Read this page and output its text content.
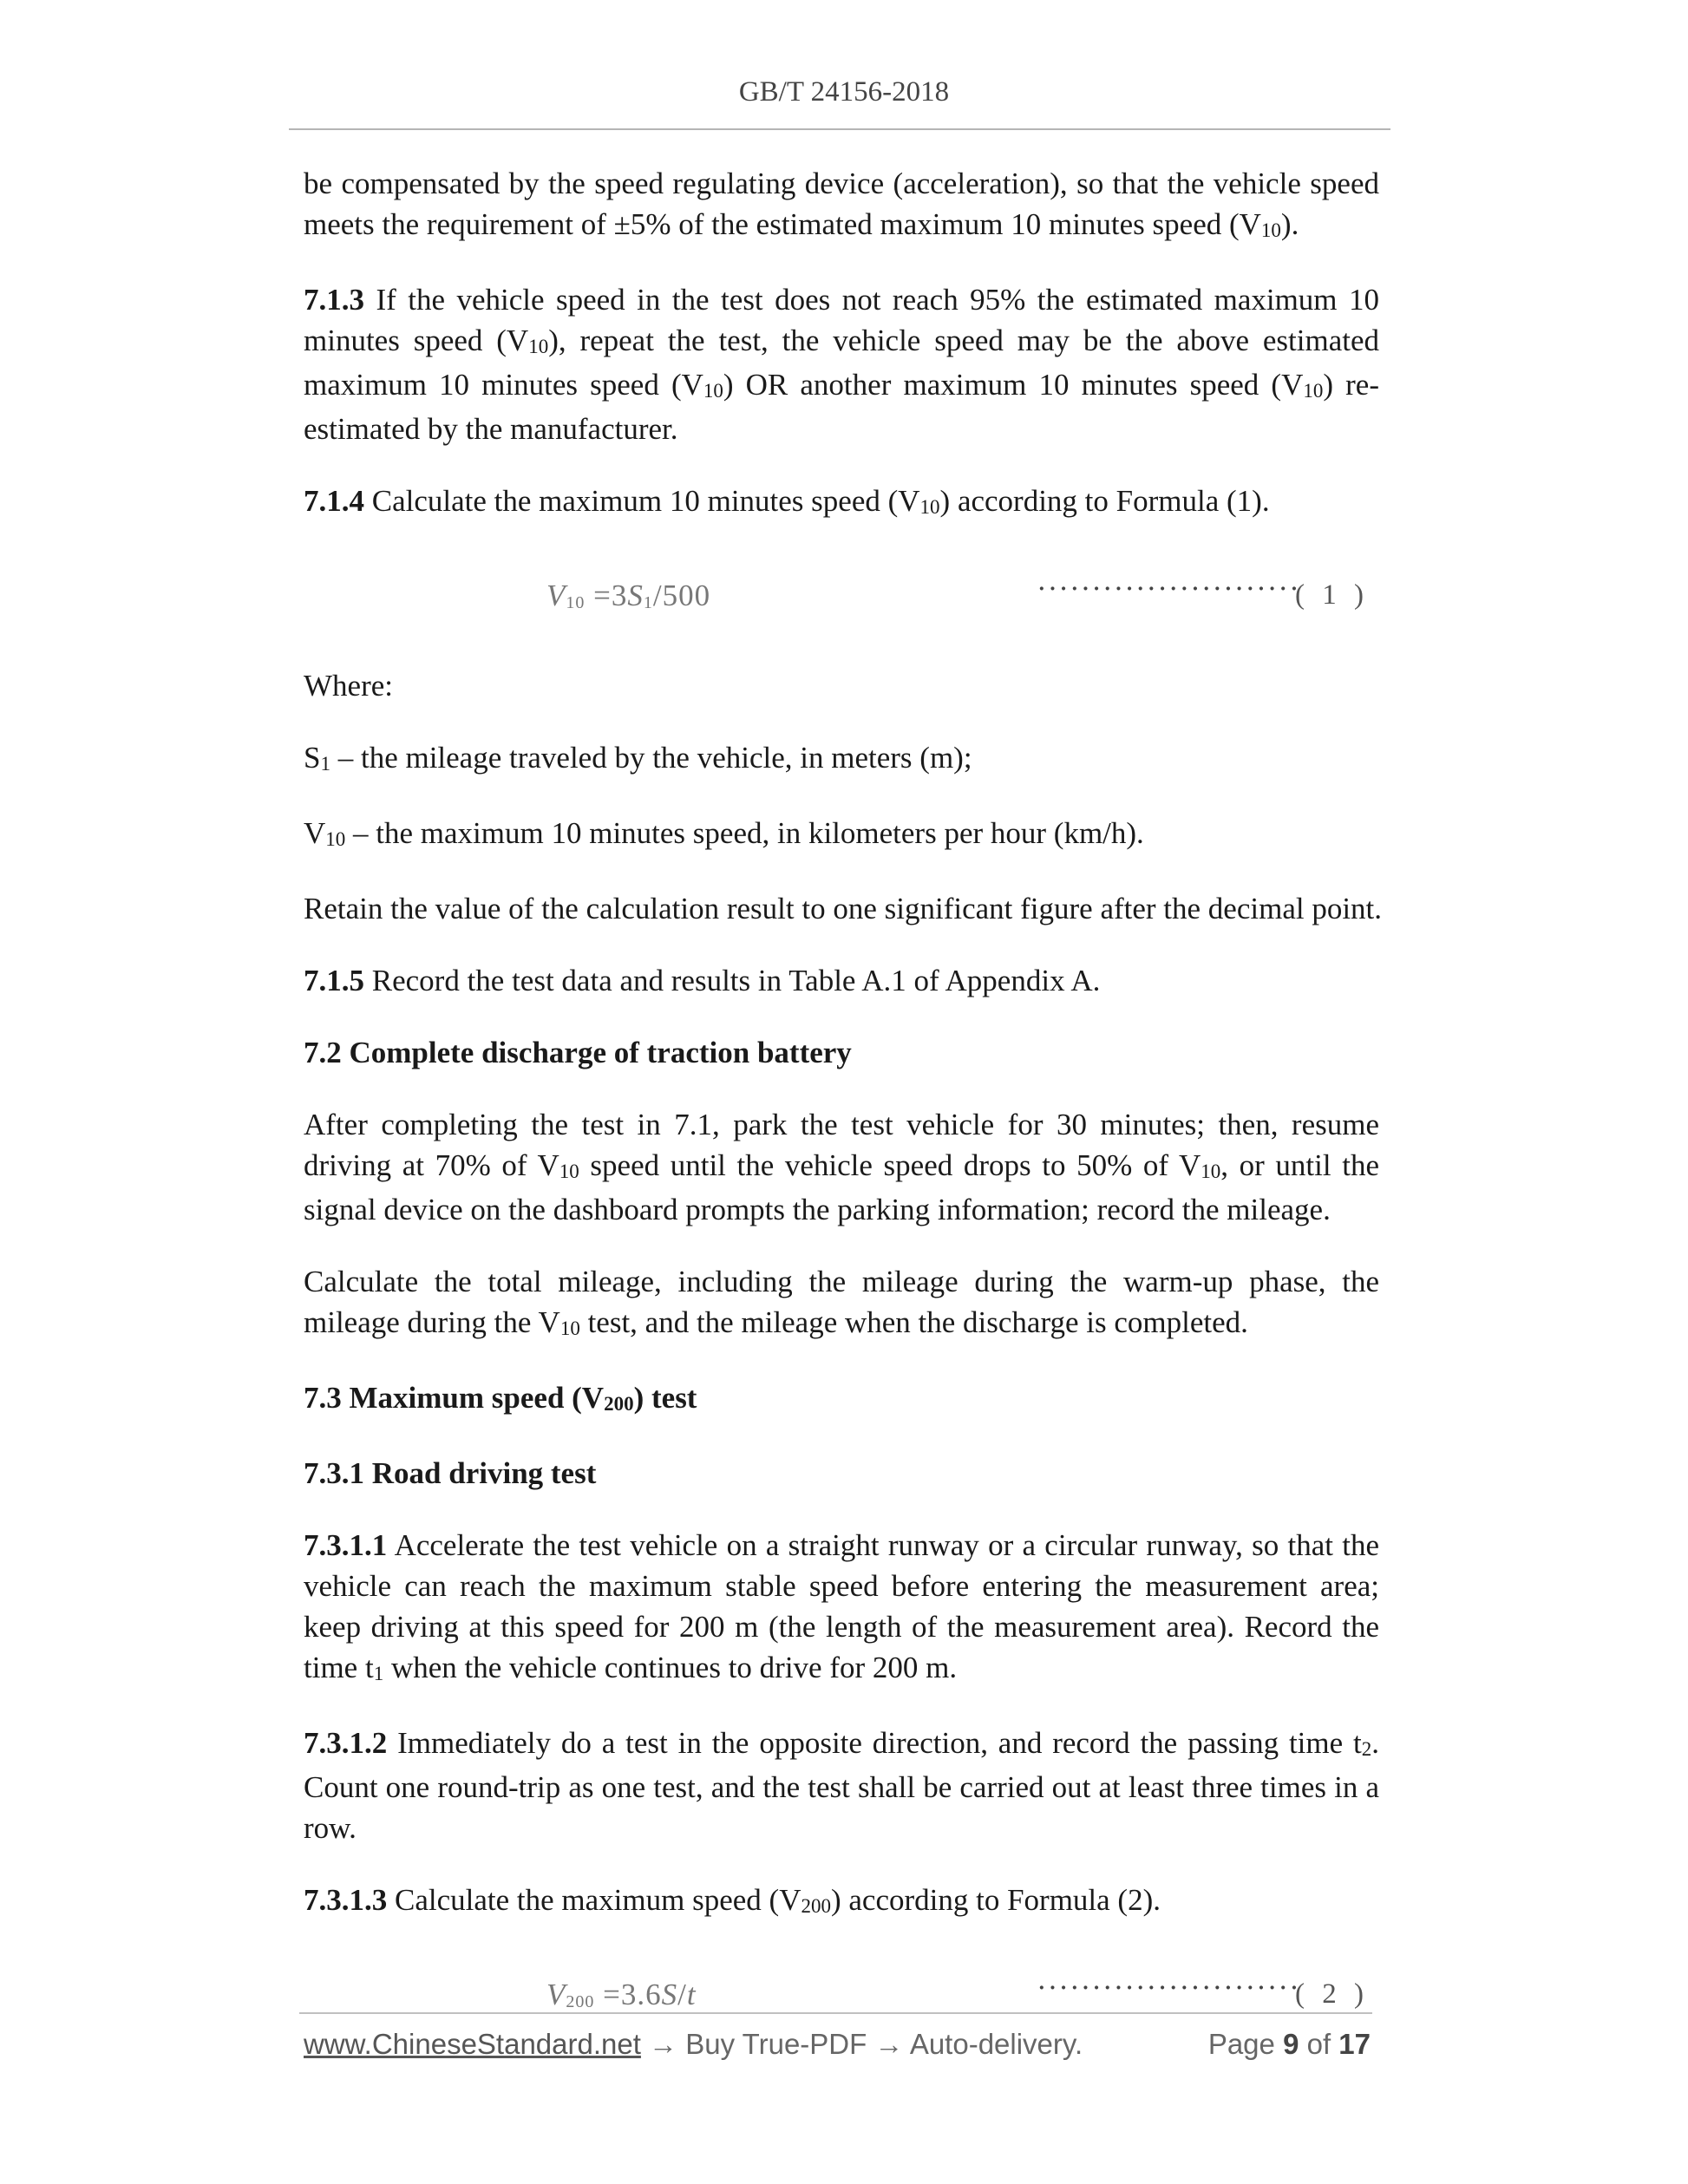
GB/T 24156-2018

be compensated by the speed regulating device (acceleration), so that the vehicle speed meets the requirement of ±5% of the estimated maximum 10 minutes speed $(V_{10})$.

7.1.3 If the vehicle speed in the test does not reach 95% the estimated maximum 10 minutes speed $(V_{10})$, repeat the test, the vehicle speed may be the above estimated maximum 10 minutes speed $(V_{10})$ OR another maximum 10 minutes speed $(V_{10})$ re-estimated by the manufacturer.

7.1.4 Calculate the maximum 10 minutes speed $(V_{10})$ according to Formula (1).

$V_{10} =3S_1/500$	························
( 1 )

Where:

$S_1$ – the mileage traveled by the vehicle, in meters (m);

$V_{10}$ – the maximum 10 minutes speed, in kilometers per hour (km/h).

Retain the value of the calculation result to one significant figure after the decimal point.

7.1.5 Record the test data and results in Table A.1 of Appendix A.

7.2 Complete discharge of traction battery

After completing the test in 7.1, park the test vehicle for 30 minutes; then, resume driving at 70% of $V_{10}$ speed until the vehicle speed drops to 50% of $V_{10}$, or until the signal device on the dashboard prompts the parking information; record the mileage.

Calculate the total mileage, including the mileage during the warm-up phase, the mileage during the $V_{10}$ test, and the mileage when the discharge is completed.

7.3 Maximum speed $(V_{200})$ test

7.3.1 Road driving test

7.3.1.1 Accelerate the test vehicle on a straight runway or a circular runway, so that the vehicle can reach the maximum stable speed before entering the measurement area; keep driving at this speed for 200 m (the length of the measurement area). Record the time $t_1$ when the vehicle continues to drive for 200 m.

7.3.1.2 Immediately do a test in the opposite direction, and record the passing time $t_2$. Count one round-trip as one test, and the test shall be carried out at least three times in a row.

7.3.1.3 Calculate the maximum speed $(V_{200})$ according to Formula (2).

$V_{200} =3.6S/t$	························
( 2 )
www.ChineseStandard.net → Buy True-PDF → Auto-delivery.	Page 9 of 17
